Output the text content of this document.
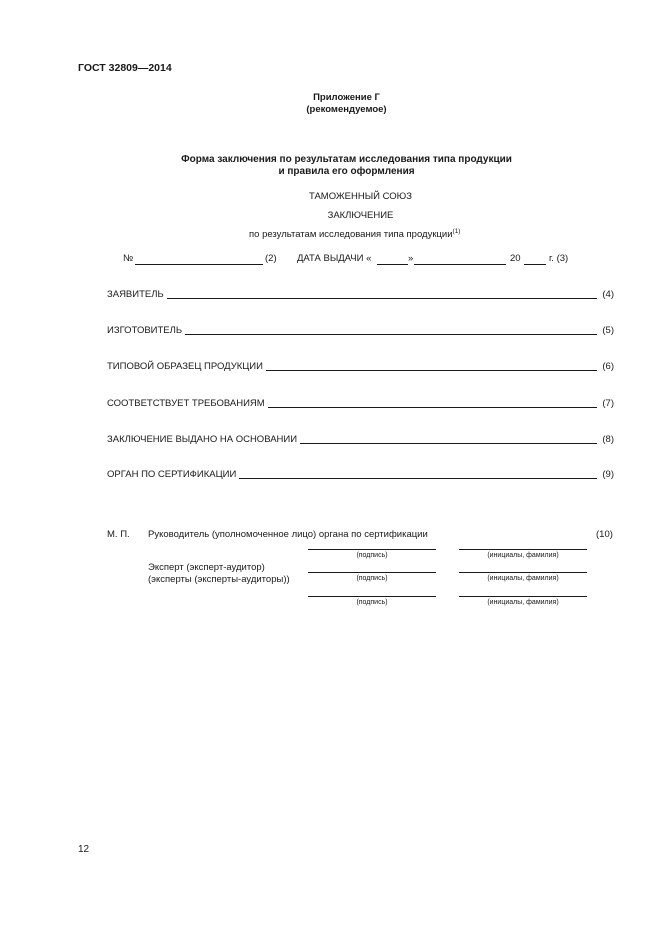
ГОСТ 32809—2014
Приложение Г
(рекомендуемое)
Форма заключения по результатам исследования типа продукции
и правила его оформления
ТАМОЖЕННЫЙ СОЮЗ
ЗАКЛЮЧЕНИЕ
по результатам исследования типа продукции$^{(1)}$
№	(2) ДАТА ВЫДАЧИ «	»	20	г. (3)
ЗАЯВИТЕЛЬ	(4)
ИЗГОТОВИТЕЛЬ	(5)
ТИПОВОЙ ОБРАЗЕЦ ПРОДУКЦИИ	(6)
СООТВЕТСТВУЕТ ТРЕБОВАНИЯМ	(7)
ЗАКЛЮЧЕНИЕ ВЫДАНО НА ОСНОВАНИИ	(8)
ОРГАН ПО СЕРТИФИКАЦИИ	(9)
М. П. Руководитель (уполномоченное лицо) органа по сертификации	(10)
(подпись)	(инициалы, фамилия)
Эксперт (эксперт-аудитор)
(эксперты (эксперты-аудиторы))	(подпись)	(инициалы, фамилия)
(подпись)	(инициалы, фамилия)
12
